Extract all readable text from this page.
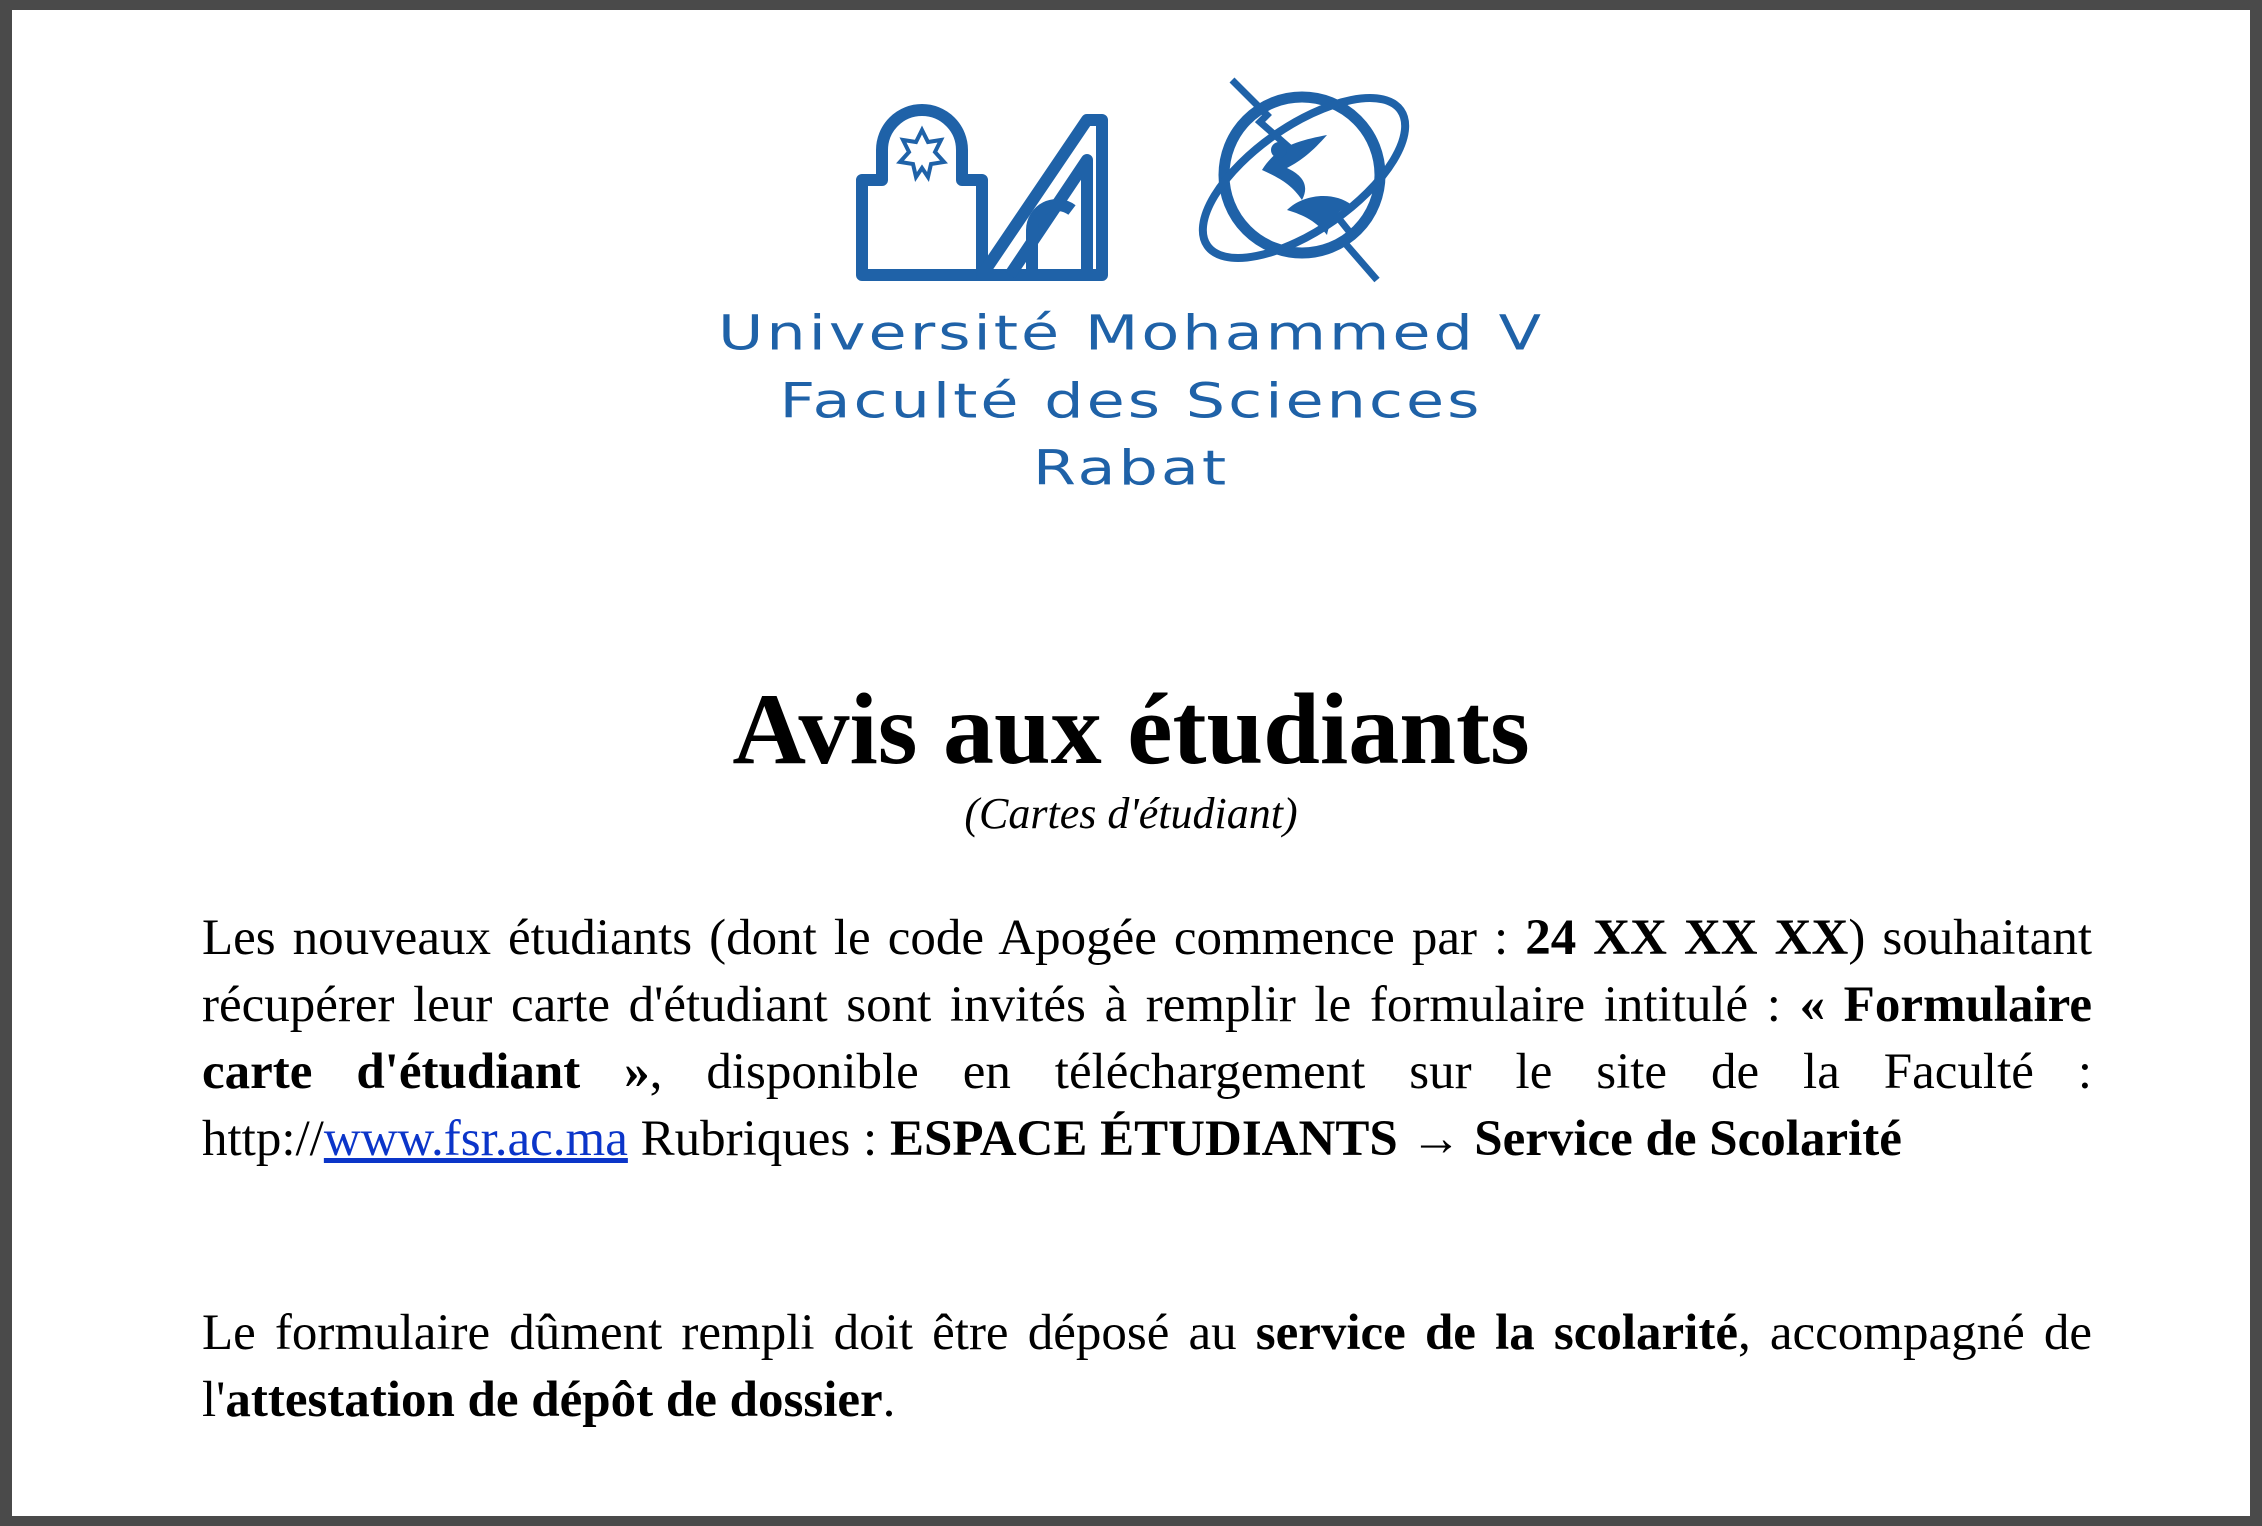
Université Mohammed V
Faculté des Sciences
Rabat
Avis aux étudiants
(Cartes d'étudiant)
Les nouveaux étudiants (dont le code Apogée commence par : 24 XX XX XX) souhaitant récupérer leur carte d'étudiant sont invités à remplir le formulaire intitulé : « Formulaire carte d'étudiant », disponible en téléchargement sur le site de la Faculté : http://www.fsr.ac.ma Rubriques : ESPACE ÉTUDIANTS → Service de Scolarité
Le formulaire dûment rempli doit être déposé au service de la scolarité, accompagné de l'attestation de dépôt de dossier.
